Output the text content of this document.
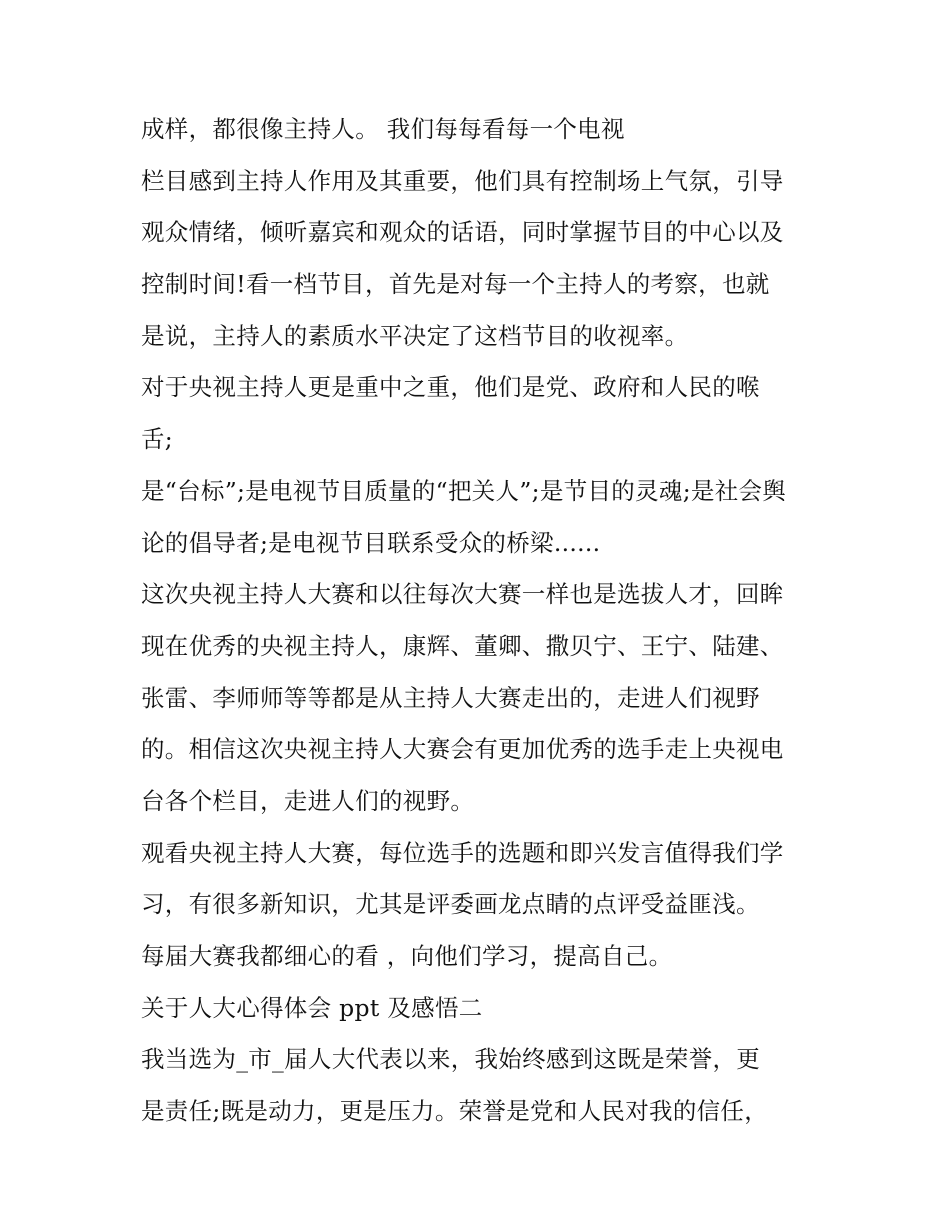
成样，都很像主持人。 我们每每看每一个电视
栏目感到主持人作用及其重要，他们具有控制场上气氛，引导
观众情绪，倾听嘉宾和观众的话语，同时掌握节目的中心以及
控制时间!看一档节目，首先是对每一个主持人的考察，也就
是说，主持人的素质水平决定了这档节目的收视率。
对于央视主持人更是重中之重，他们是党、政府和人民的喉
舌;
是“台标”;是电视节目质量的“把关人”;是节目的灵魂;是社会舆
论的倡导者;是电视节目联系受众的桥梁......
这次央视主持人大赛和以往每次大赛一样也是选拔人才，回眸
现在优秀的央视主持人，康辉、董卿、撒贝宁、王宁、陆建、
张雷、李师师等等都是从主持人大赛走出的，走进人们视野
的。相信这次央视主持人大赛会有更加优秀的选手走上央视电
台各个栏目，走进人们的视野。
观看央视主持人大赛，每位选手的选题和即兴发言值得我们学
习，有很多新知识，尤其是评委画龙点睛的点评受益匪浅。
每届大赛我都细心的看 ，向他们学习，提高自己。
关于人大心得体会 ppt 及感悟二
我当选为_市_届人大代表以来，我始终感到这既是荣誉，更
是责任;既是动力，更是压力。荣誉是党和人民对我的信任，
